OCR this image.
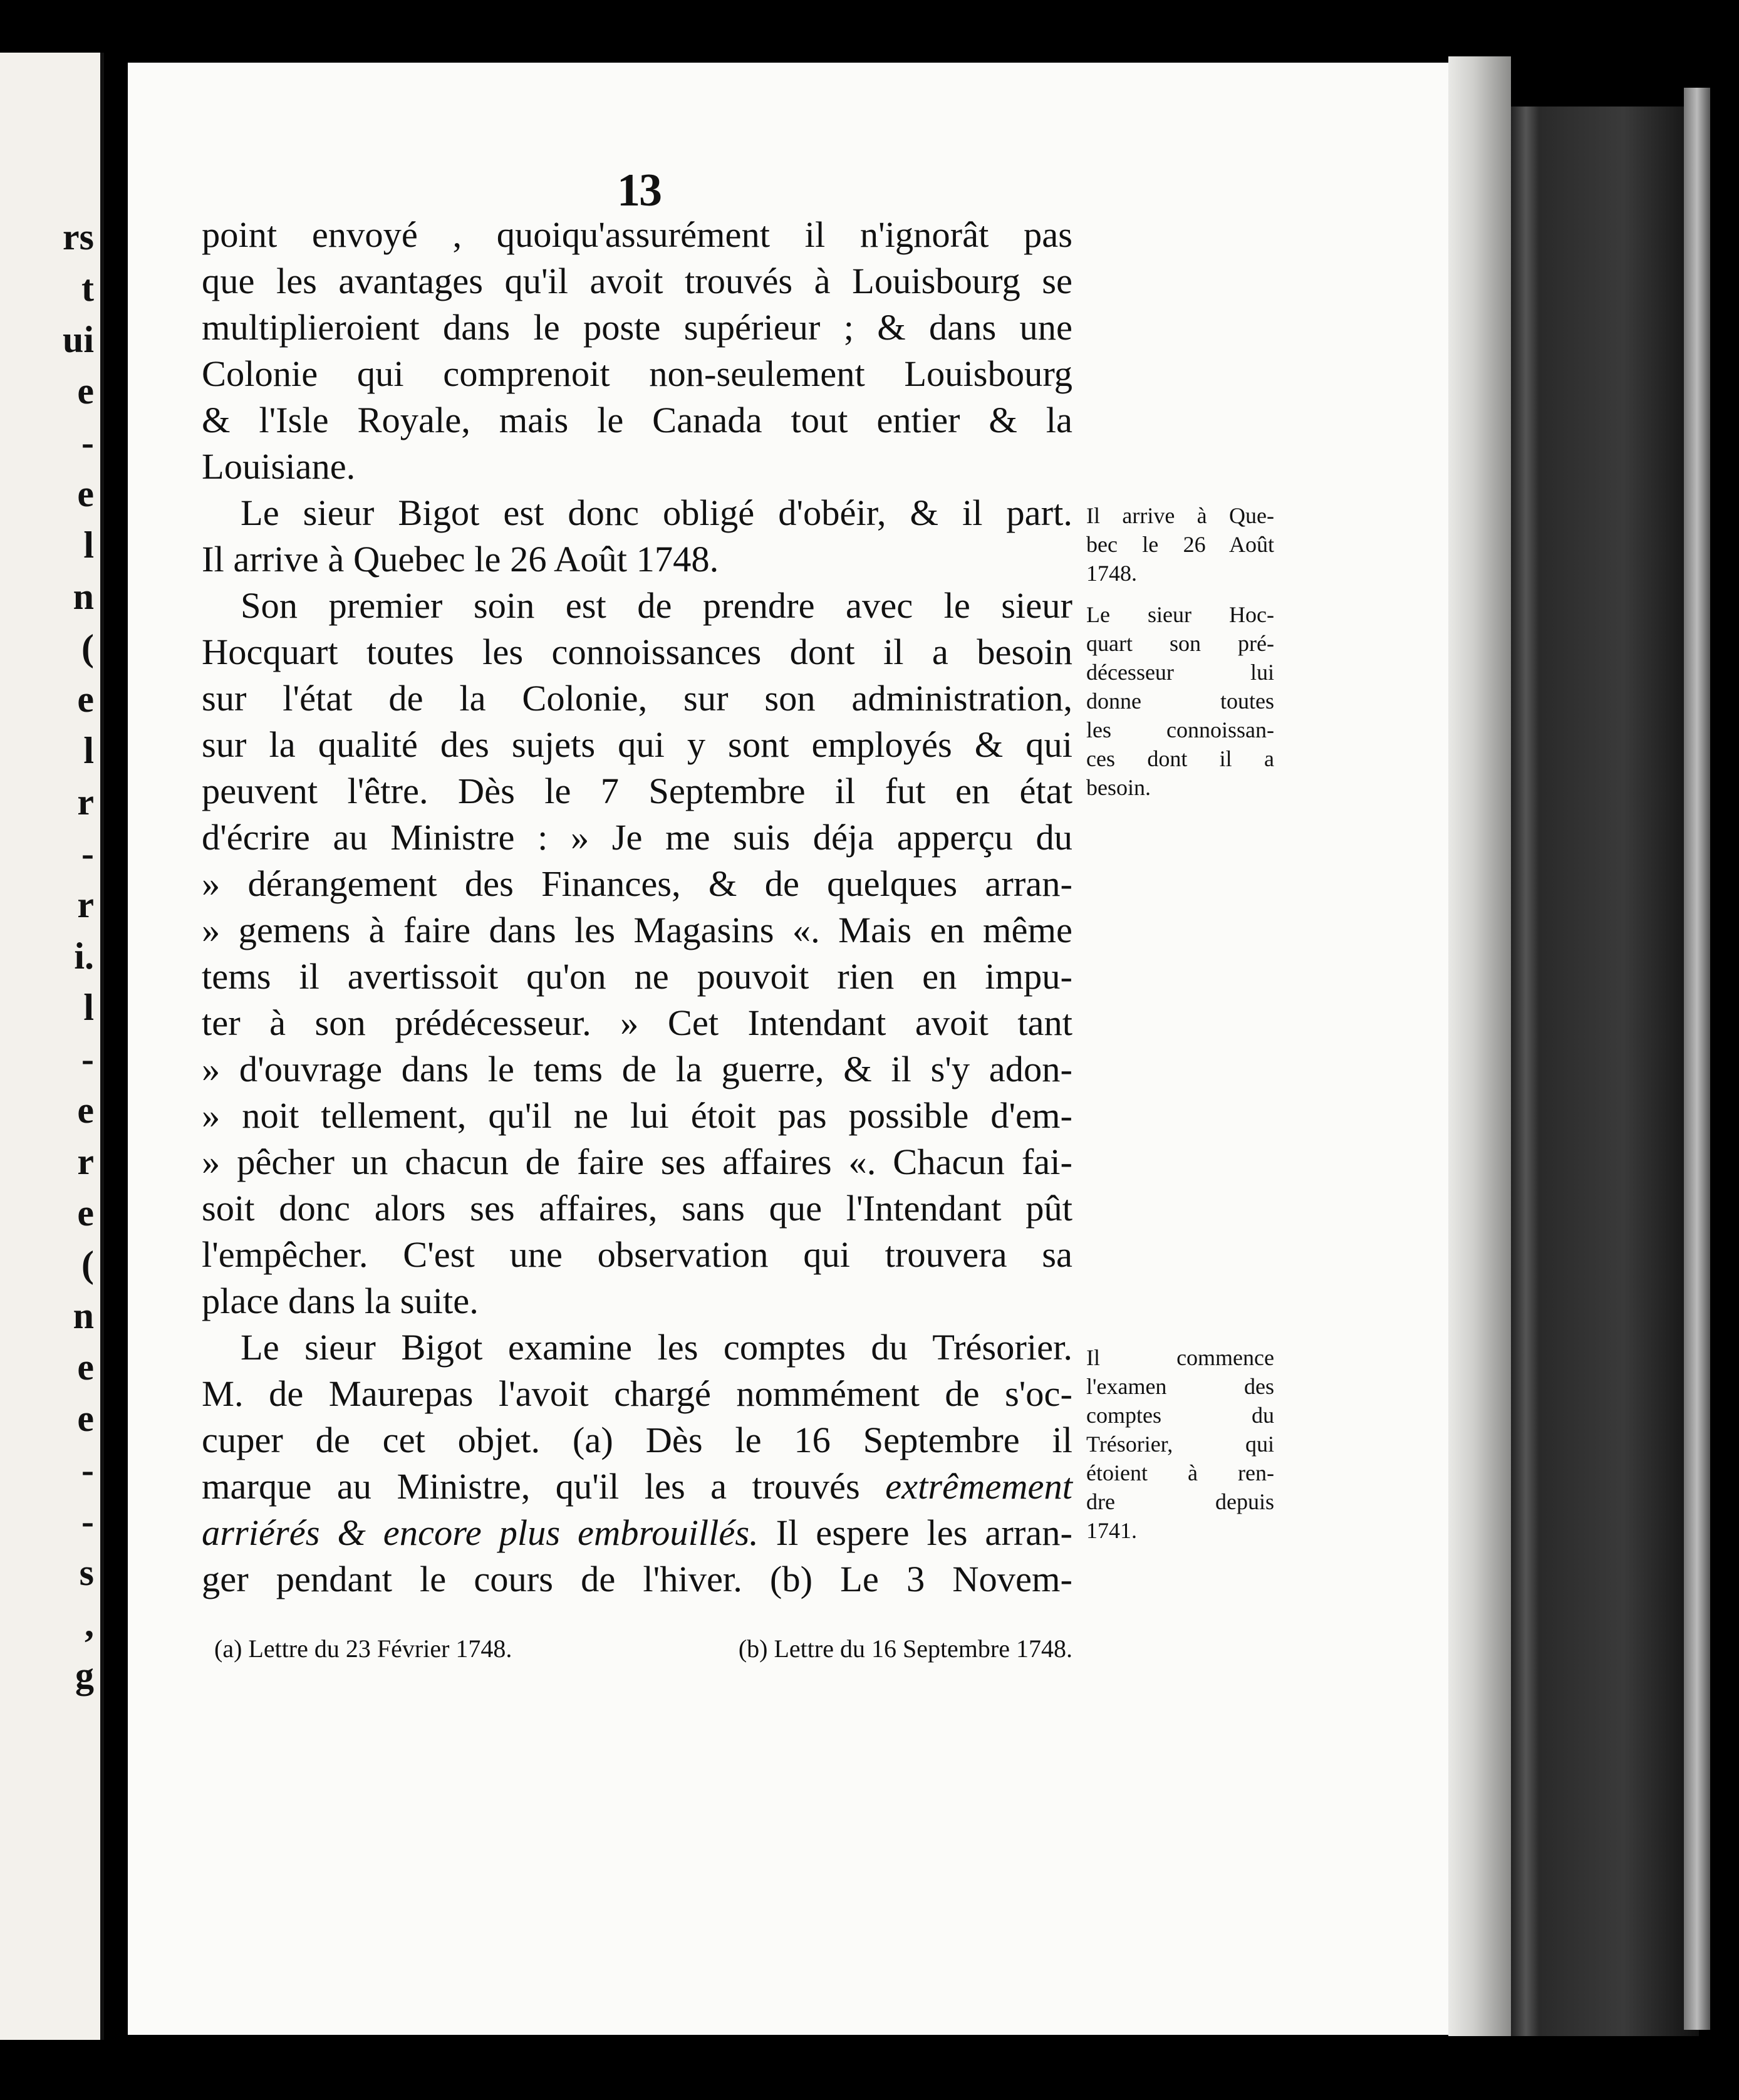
rs
t
ui
e
-
e
l
n
(
e
l
r
-
r
i.
l
-
e
r
e
(
n
e
e
-
-
s
,
g
13
point envoyé , quoiqu'assurément il n'ignorât pas
que les avantages qu'il avoit trouvés à Louisbourg se
multiplieroient dans le poste supérieur ; & dans une
Colonie qui comprenoit non-seulement Louisbourg
& l'Isle Royale, mais le Canada tout entier & la
Louisiane.
Le sieur Bigot est donc obligé d'obéir, & il part.
Il arrive à Quebec le 26 Août 1748.
Son premier soin est de prendre avec le sieur
Hocquart toutes les connoissances dont il a besoin
sur l'état de la Colonie, sur son administration,
sur la qualité des sujets qui y sont employés & qui
peuvent l'être. Dès le 7 Septembre il fut en état
d'écrire au Ministre : » Je me suis déja apperçu du
» dérangement des Finances, & de quelques arran-
» gemens à faire dans les Magasins «. Mais en même
tems il avertissoit qu'on ne pouvoit rien en impu-
ter à son prédécesseur. » Cet Intendant avoit tant
» d'ouvrage dans le tems de la guerre, & il s'y adon-
» noit tellement, qu'il ne lui étoit pas possible d'em-
» pêcher un chacun de faire ses affaires «. Chacun fai-
soit donc alors ses affaires, sans que l'Intendant pût
l'empêcher. C'est une observation qui trouvera sa
place dans la suite.
Le sieur Bigot examine les comptes du Trésorier.
M. de Maurepas l'avoit chargé nommément de s'oc-
cuper de cet objet. (a) Dès le 16 Septembre il
marque au Ministre, qu'il les a trouvés extrêmement
arriérés & encore plus embrouillés. Il espere les arran-
ger pendant le cours de l'hiver. (b) Le 3 Novem-
Il arrive à Que-
bec le 26 Août
1748.
Le sieur Hoc-
quart son pré-
décesseur lui
donne toutes
les connoissan-
ces dont il a
besoin.
Il commence
l'examen des
comptes du
Trésorier, qui
étoient à ren-
dre depuis
1741.
(a) Lettre du 23 Février 1748.	(b) Lettre du 16 Septembre 1748.
